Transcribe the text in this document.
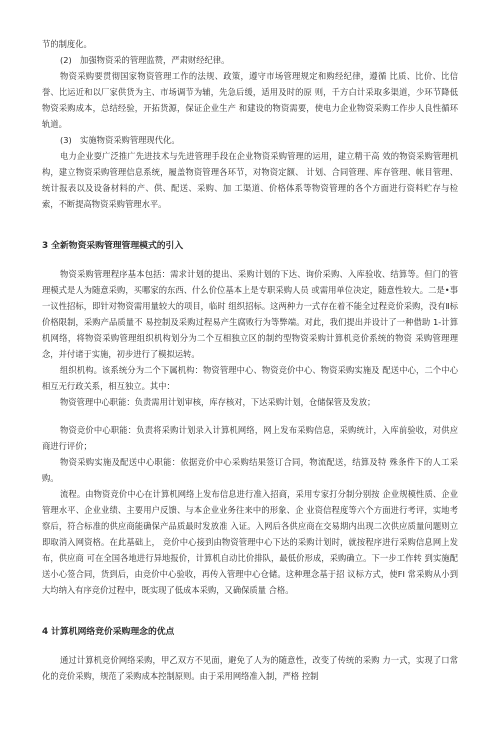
节的制度化。

(2)　加强物资采的管理监赞，严肃财经纪律。

物资采购要贯彻国家物资管理工作的法规、政策，遵守市场管理规定和购经纪律，遵循 比质、比价、比信誉、比运近和以厂家供货为主、市场调节为辅，先急后缓，适用及时的原 则，千方白计采取多渠道，少环节降低物资采购成本，总结经验，开拓货源，保证企业生产 和建设的物资需要，使电力企业物资采购工作步人良性循环轨道。

(3)　实施物资采购管理现代化。

电力企业耍广泛推广先进技术与先进管理手段在企业物资采购管理的运用，建立精干高 效的物资采购管理机构，建立物资采购管理信息系统，履盖物资管理各环节，对物资定额、 计划、合同管理、库存管理、帐目管理、统计报表以及设备材料的产、供、配送、采购、加 工渠道、价格体系等物资管理的各个方面进行资料贮存与检索，不断提高物资采购管理水平。

3 全新物资采购管理管理模式的引入

物资采购管理程序基本包括：需求计划的提出、采购计划的下达、询价采购、入库验收、结算等。但门的管理模式是人为随意采购，买哪家的东西、什么价位基本上是专职采购人员 或需用单位决定，随意性较大。二是•事一议性招标，即针对物资需用量较大的项目，临时 组织招标。这两种力一式存在着不能全过程竞价采购，没有Ⅱ标价格限制，采购产品质量不 易控制及采购过程易产生腐败行为等弊端。对此，我们提出并设计了一种借助 1-计算机网络，将物资采购管理组织机构划分为二个互相独立区的制约型物资采购计算机竞价系统的物资 采购管理理念，并付诸于实施，初步进行了模拟运转。

组织机构。该系统分为二个下属机构：物资管理中心、物资竞价中心、物资采购实施及 配送中心，二个中心相互无行政关系，相互独立。其中：

物资管理中心职能：负责需用计划审核，库存核对，下达采购计划，仓储保管及发放；

物资竞价中心职能：负责将采购计划录入计算机网络，网上发布采购信息，采购统计，入库前验收，对供应商进行评价；

物资采购实施及配送中心职能：依据竞价中心采购结果签订合同，物流配送，结算及特 殊条件下的人工采购。

流程。由物资竞价中心在计算机网络上发布信息进行准入招商，采用专家打分制分别按 企业规模性质、企业管理水平、企业业绩、主要用户反馈、与本企业业务往来中的形象、企 业资信程度等六个方面进行考评，实地考察后，符合标准的供应商能确保产品质最时发放准 入证。入网后各供应商在交易期内出现二次供应质量问题则立即取消入网资格。在此基础上， 竞价中心接到由物资管理中心下达的采购计划时，就按程序进行采购信息网上发布，供应商 可在全国各地进行异地报价，计算机自动比价排队，最低价形成，采购确立。下一步工作转 到实施配送小心签合同，货到后，由竞价中心验收，再传入管理中心仓储。这种理念基于招 议标方式，使FI 常采购从小到大均纳入有序竞价过程中，既实现了低成本采购，又确保质量 合格。

4 计算机网络竞价采购理念的优点

通过计算机竞价网络采购，甲乙双方不见面，避免了人为的随意性，改变了传统的采购 力一式，实现了口常化的竞价采购，规范了采购成本控制原则。由于采用网络准入制，严格 控制
